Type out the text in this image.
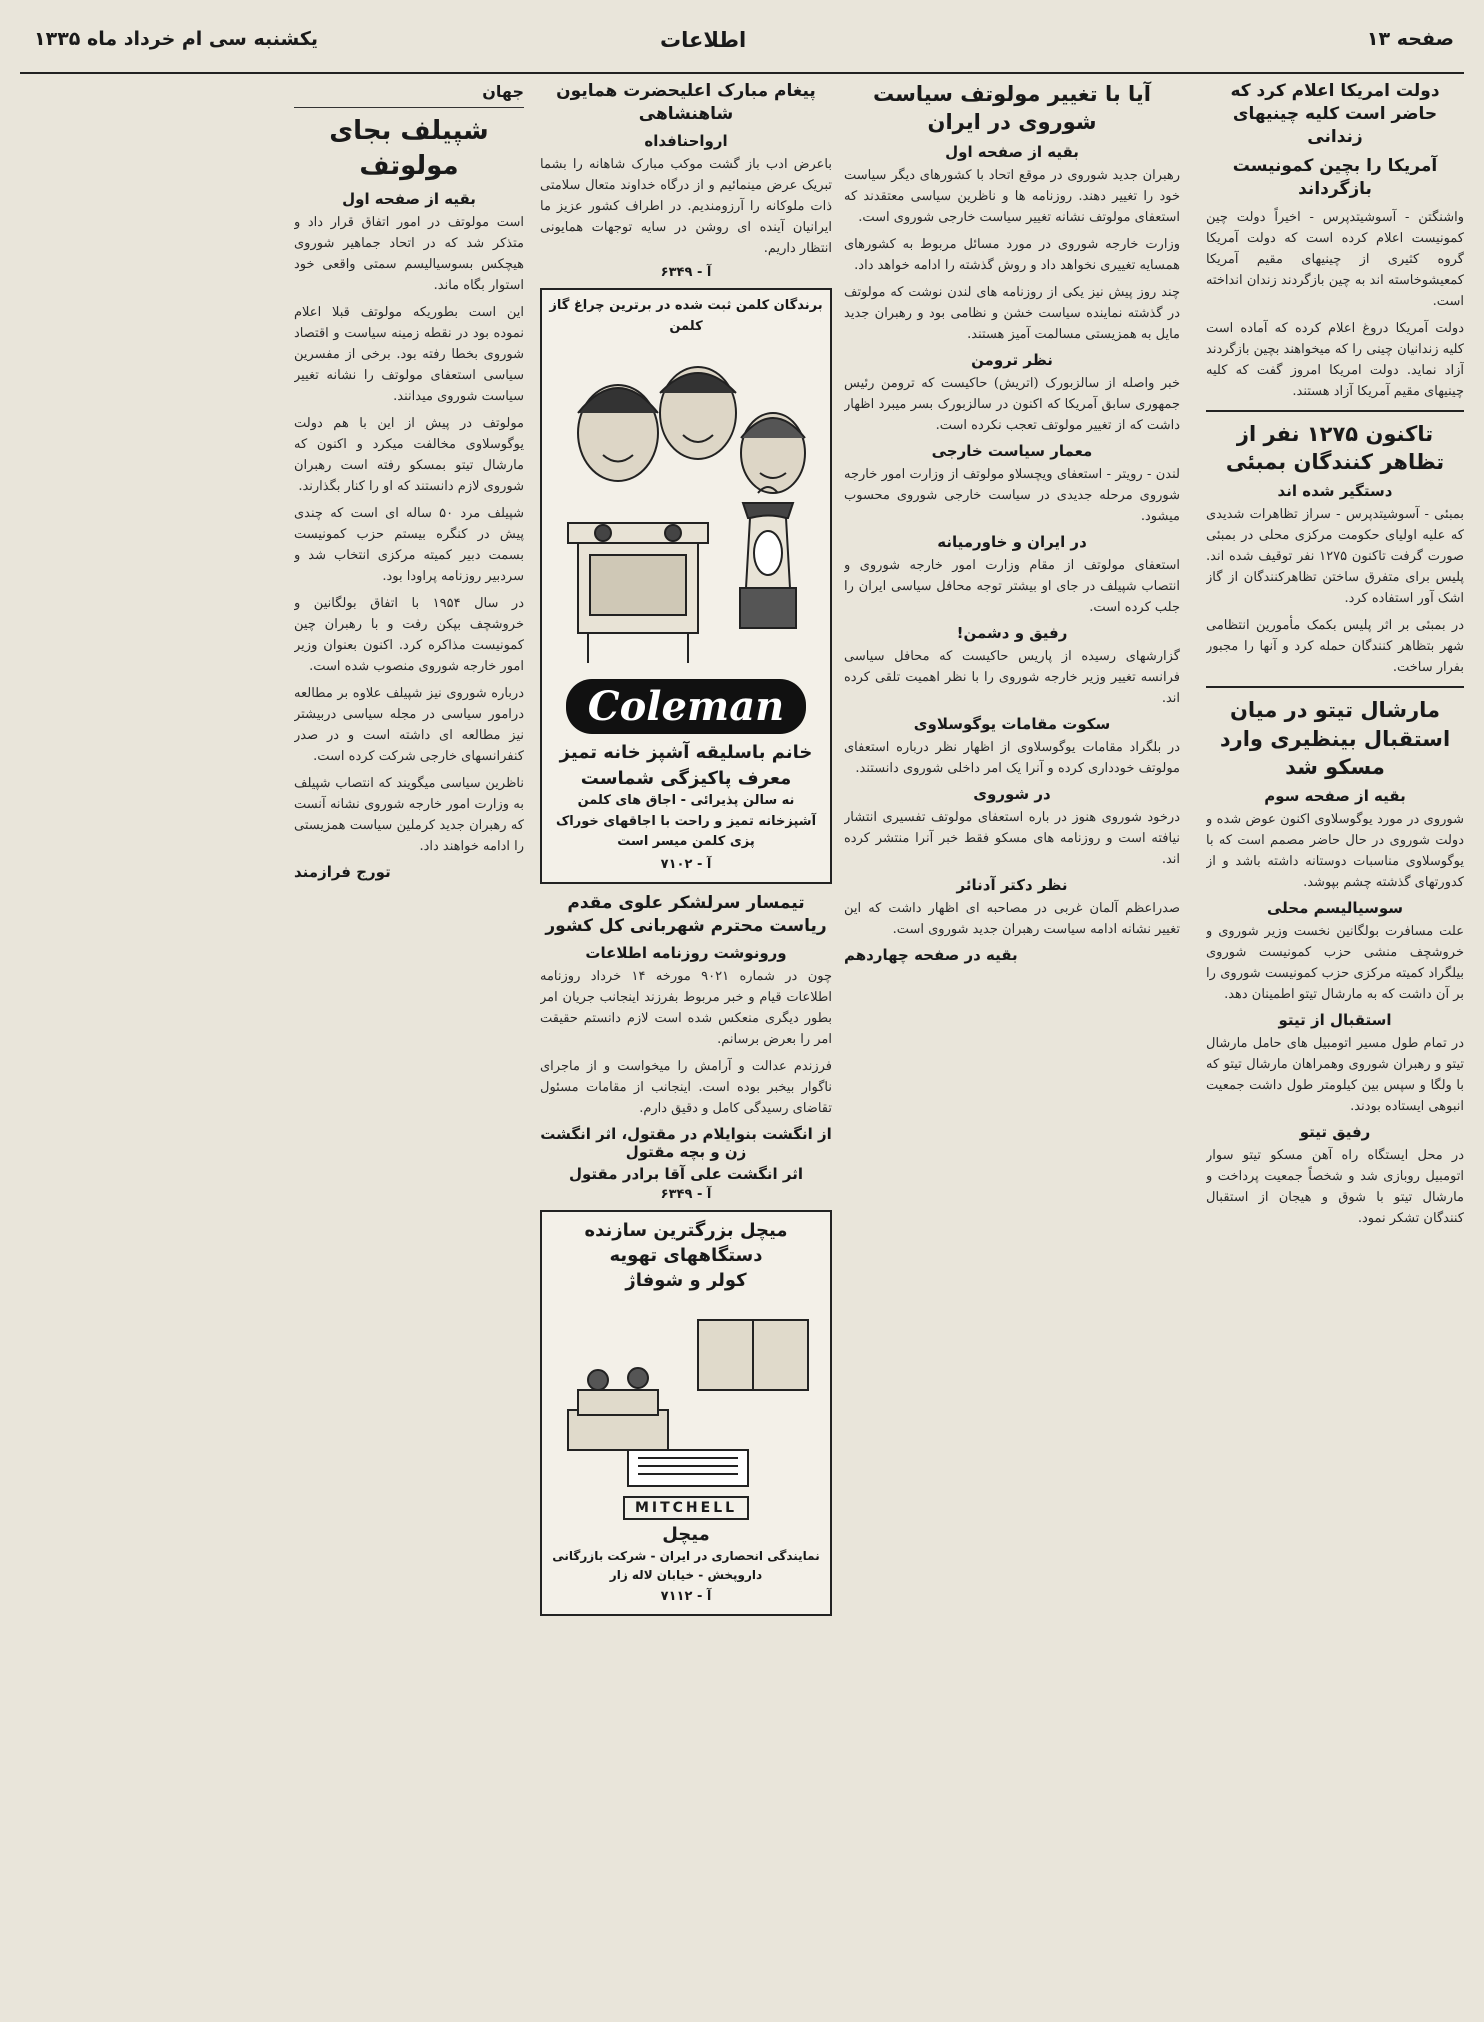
صفحه ۱۳
اطلاعات
یکشنبه سی ام خرداد ماه ۱۳۳۵
دولت امریکا اعلام کرد که حاضر است کلیه چینیهای زندانی
آمریکا را بچین کمونیست بازگرداند

واشنگتن - آسوشیتدپرس - اخیراً دولت چین کمونیست اعلام کرده است که دولت آمریکا گروه کثیری از چینیهای مقیم آمریکا کمعیشوخاسته اند به چین بازگردند زندان انداخته است.

دولت آمریکا دروغ اعلام کرده که آماده است کلیه زندانیان چینی را که میخواهند بچین بازگردند آزاد نماید. دولت امریکا امروز گفت که کلیه چینیهای مقیم آمریکا آزاد هستند.

تاکنون ۱۲۷۵ نفر از تظاهر کنندگان بمبئی
دستگیر شده اند

بمبئی - آسوشیتدپرس - سراز تظاهرات شدیدی که علیه اولیای حکومت مرکزی محلی در بمبئی صورت گرفت تاکنون ۱۲۷۵ نفر توقیف شده اند. پلیس برای متفرق ساختن تظاهرکنندگان از گاز اشک آور استفاده کرد.

در بمبئی بر اثر پلیس بکمک مأمورین انتظامی شهر بتظاهر کنندگان حمله کرد و آنها را مجبور بفرار ساخت.

مارشال تیتو در میان استقبال بینظیری وارد مسکو شد
بقیه از صفحه سوم

شوروی در مورد یوگوسلاوی اکنون عوض شده و دولت شوروی در حال حاضر مصمم است که با یوگوسلاوی مناسبات دوستانه داشته باشد و از کدورتهای گذشته چشم بپوشد.

سوسیالیسم محلی

علت مسافرت بولگانین نخست وزیر شوروی و خروشچف منشی حزب کمونیست شوروی بیلگراد کمیته مرکزی حزب کمونیست شوروی را بر آن داشت که به مارشال تیتو اطمینان دهد.

استقبال از تیتو

در تمام طول مسیر اتومبیل های حامل مارشال تیتو و رهبران شوروی وهمراهان مارشال تیتو که با ولگا و سپس بین کیلومتر طول داشت جمعیت انبوهی ایستاده بودند.

رفیق تیتو

در محل ایستگاه راه آهن مسکو تیتو سوار اتومبیل روبازی شد و شخصاً جمعیت پرداخت و مارشال تیتو با شوق و هیجان از استقبال کنندگان تشکر نمود.

آیا با تغییر مولوتف سیاست شوروی در ایران
بقیه از صفحه اول

رهبران جدید شوروی در موقع اتحاد با کشورهای دیگر سیاست خود را تغییر دهند. روزنامه ها و ناظرین سیاسی معتقدند که استعفای مولوتف نشانه تغییر سیاست خارجی شوروی است.

وزارت خارجه شوروی در مورد مسائل مربوط به کشورهای همسایه تغییری نخواهد داد و روش گذشته را ادامه خواهد داد.

چند روز پیش نیز یکی از روزنامه های لندن نوشت که مولوتف در گذشته نماینده سیاست خشن و نظامی بود و رهبران جدید مایل به همزیستی مسالمت آمیز هستند.

نظر ترومن

خبر واصله از سالزبورک (اتریش) حاکیست که ترومن رئیس جمهوری سابق آمریکا که اکنون در سالزبورک بسر میبرد اظهار داشت که از تغییر مولوتف تعجب نکرده است.

معمار سیاست خارجی

لندن - رویتر - استعفای ویچسلاو مولوتف از وزارت امور خارجه شوروی مرحله جدیدی در سیاست خارجی شوروی محسوب میشود.

در ایران و خاورمیانه

استعفای مولوتف از مقام وزارت امور خارجه شوروی و انتصاب شپیلف در جای او بیشتر توجه محافل سیاسی ایران را جلب کرده است.

رفیق و دشمن!

گزارشهای رسیده از پاریس حاکیست که محافل سیاسی فرانسه تغییر وزیر خارجه شوروی را با نظر اهمیت تلقی کرده اند.

سکوت مقامات یوگوسلاوی

در بلگراد مقامات یوگوسلاوی از اظهار نظر درباره استعفای مولوتف خودداری کرده و آنرا یک امر داخلی شوروی دانستند.

در شوروی

درخود شوروی هنوز در باره استعفای مولوتف تفسیری انتشار نیافته است و روزنامه های مسکو فقط خبر آنرا منتشر کرده اند.

نظر دکتر آدنائر

صدراعظم آلمان غربی در مصاحبه ای اظهار داشت که این تغییر نشانه ادامه سیاست رهبران جدید شوروی است.

بقیه در صفحه چهاردهم
پیغام مبارک اعلیحضرت همایون شاهنشاهی
ارواحنافداه

باعرض ادب باز گشت موکب مبارک شاهانه را بشما تبریک عرض مینمائیم و از درگاه خداوند متعال سلامتی ذات ملوکانه را آرزومندیم. در اطراف کشور عزیز ما ایرانیان آینده ای روشن در سایه توجهات همایونی انتظار داریم.

آ - ۶۳۴۹
برندگان کلمن ثبت شده در برترین چراغ گاز کلمن
Coleman
خانم باسلیقه آشپز خانه تمیز معرف پاکیزگی شماست
نه سالن پذیرائی - اجاق های کلمن آشپزخانه تمیز و راحت با اجاقهای خوراک پزی کلمن میسر است
آ - ۷۱۰۲
تیمسار سرلشکر علوی مقدم ریاست محترم شهربانی کل کشور
ورونوشت روزنامه اطلاعات

چون در شماره ۹۰۲۱ مورخه ۱۴ خرداد روزنامه اطلاعات قیام و خبر مربوط بفرزند اینجانب جریان امر بطور دیگری منعکس شده است لازم دانستم حقیقت امر را بعرض برسانم.

فرزندم عدالت و آرامش را میخواست و از ماجرای ناگوار بیخبر بوده است. اینجانب از مقامات مسئول تقاضای رسیدگی کامل و دقیق دارم.

از انگشت بنوایلام در مقتول، اثر انگشت زن و بچه مقتول
اثر انگشت علی آقا برادر مقتول
آ - ۶۳۴۹
میچل بزرگترین سازنده دستگاههای تهویه
کولر و شوفاژ
MITCHELL
میچل
نمایندگی انحصاری در ایران - شرکت بازرگانی داروپخش - خیابان لاله زار
آ - ۷۱۱۲
جهان
شپیلف بجای مولوتف
بقیه از صفحه اول

است مولوتف در امور اتفاق قرار داد و متذکر شد که در اتحاد جماهیر شوروی هیچکس بسوسیالیسم سمتی واقعی خود استوار بگاه ماند.

این است بطوریکه مولوتف قبلا اعلام نموده بود در نقطه زمینه سیاست و اقتصاد شوروی بخطا رفته بود. برخی از مفسرین سیاسی استعفای مولوتف را نشانه تغییر سیاست شوروی میدانند.

مولوتف در پیش از این با هم دولت یوگوسلاوی مخالفت میکرد و اکنون که مارشال تیتو بمسکو رفته است رهبران شوروی لازم دانستند که او را کنار بگذارند.

شپیلف مرد ۵۰ ساله ای است که چندی پیش در کنگره بیستم حزب کمونیست بسمت دبیر کمیته مرکزی انتخاب شد و سردبیر روزنامه پراودا بود.

در سال ۱۹۵۴ با اتفاق بولگانین و خروشچف بپکن رفت و با رهبران چین کمونیست مذاکره کرد. اکنون بعنوان وزیر امور خارجه شوروی منصوب شده است.

درباره شوروی نیز شپیلف علاوه بر مطالعه درامور سیاسی در مجله سیاسی دربیشتر نیز مطالعه ای داشته است و در صدر کنفرانسهای خارجی شرکت کرده است.

ناظرین سیاسی میگویند که انتصاب شپیلف به وزارت امور خارجه شوروی نشانه آنست که رهبران جدید کرملین سیاست همزیستی را ادامه خواهند داد.

تورج فرازمند
